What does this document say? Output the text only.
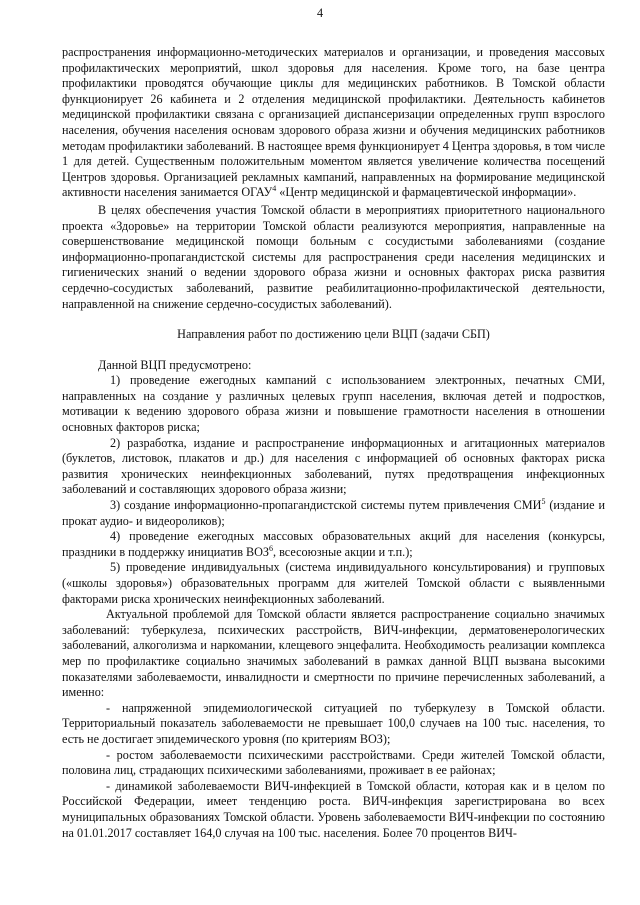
4

распространения информационно-методических материалов и организации, и проведения массовых профилактических мероприятий, школ здоровья для населения. Кроме того, на базе центра профилактики проводятся обучающие циклы для медицинских работников. В Томской области функционирует 26 кабинета и 2 отделения медицинской профилактики. Деятельность кабинетов медицинской профилактики связана с организацией диспансеризации определенных групп взрослого населения, обучения населения основам здорового образа жизни и обучения медицинских работников методам профилактики заболеваний. В настоящее время функционирует 4 Центра здоровья, в том числе 1 для детей. Существенным положительным моментом является увеличение количества посещений Центров здоровья. Организацией рекламных кампаний, направленных на формирование медицинской активности населения занимается ОГАУ$^4$ «Центр медицинской и фармацевтической информации».

В целях обеспечения участия Томской области в мероприятиях приоритетного национального проекта «Здоровье» на территории Томской области реализуются мероприятия, направленные на совершенствование медицинской помощи больным с сосудистыми заболеваниями (создание информационно-пропагандистской системы для распространения среди населения медицинских и гигиенических знаний о ведении здорового образа жизни и основных факторах риска развития сердечно-сосудистых заболеваний, развитие реабилитационно-профилактической деятельности, направленной на снижение сердечно-сосудистых заболеваний).

Направления работ по достижению цели ВЦП (задачи СБП)

Данной ВЦП предусмотрено:

1) проведение ежегодных кампаний с использованием электронных, печатных СМИ, направленных на создание у различных целевых групп населения, включая детей и подростков, мотивации к ведению здорового образа жизни и повышение грамотности населения в отношении основных факторов риска;

2) разработка, издание и распространение информационных и агитационных материалов (буклетов, листовок, плакатов и др.) для населения с информацией об основных факторах риска развития хронических неинфекционных заболеваний, путях предотвращения инфекционных заболеваний и составляющих здорового образа жизни;

3) создание информационно-пропагандистской системы путем привлечения СМИ$^5$ (издание и прокат аудио- и видеороликов);

4) проведение ежегодных массовых образовательных акций для населения (конкурсы, праздники в поддержку инициатив ВОЗ$^6$, всесоюзные акции и т.п.);

5) проведение индивидуальных (система индивидуального консультирования) и групповых («школы здоровья») образовательных программ для жителей Томской области с выявленными факторами риска хронических неинфекционных заболеваний.

Актуальной проблемой для Томской области является распространение социально значимых заболеваний: туберкулеза, психических расстройств, ВИЧ-инфекции, дерматовенерологических заболеваний, алкоголизма и наркомании, клещевого энцефалита. Необходимость реализации комплекса мер по профилактике социально значимых заболеваний в рамках данной ВЦП вызвана высокими показателями заболеваемости, инвалидности и смертности по причине перечисленных заболеваний, а именно:

- напряженной эпидемиологической ситуацией по туберкулезу в Томской области. Территориальный показатель заболеваемости не превышает 100,0 случаев на 100 тыс. населения, то есть не достигает эпидемического уровня (по критериям ВОЗ);

- ростом заболеваемости психическими расстройствами. Среди жителей Томской области, половина лиц, страдающих психическими заболеваниями, проживает в ее районах;

- динамикой заболеваемости ВИЧ-инфекцией в Томской области, которая как и в целом по Российской Федерации, имеет тенденцию роста. ВИЧ-инфекция зарегистрирована во всех муниципальных образованиях Томской области. Уровень заболеваемости ВИЧ-инфекции по состоянию на 01.01.2017 составляет 164,0 случая на 100 тыс. населения. Более 70 процентов ВИЧ-
